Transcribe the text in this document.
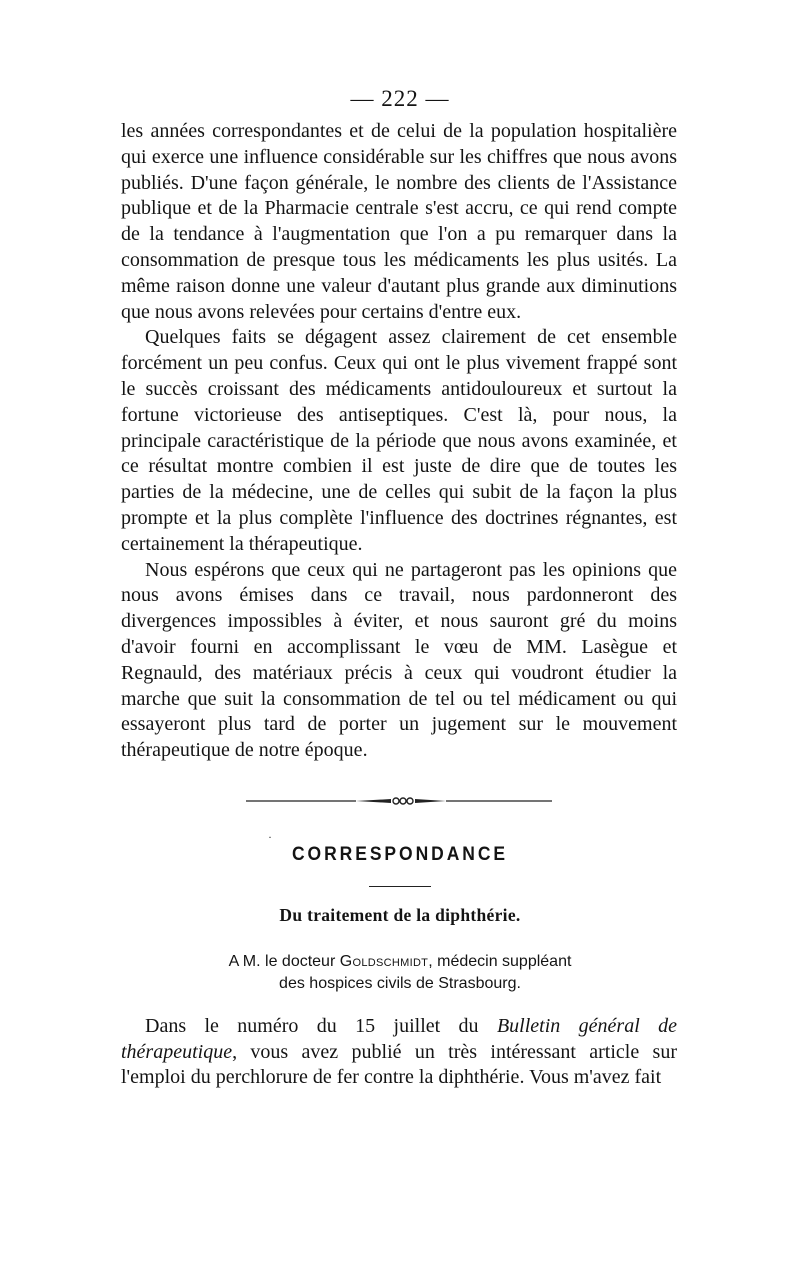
— 222 —

les années correspondantes et de celui de la population hospitalière qui exerce une influence considérable sur les chiffres que nous avons publiés. D'une façon générale, le nombre des clients de l'Assistance publique et de la Pharmacie centrale s'est accru, ce qui rend compte de la tendance à l'augmentation que l'on a pu remarquer dans la consommation de presque tous les médicaments les plus usités. La même raison donne une valeur d'autant plus grande aux diminutions que nous avons relevées pour certains d'entre eux.

Quelques faits se dégagent assez clairement de cet ensemble forcément un peu confus. Ceux qui ont le plus vivement frappé sont le succès croissant des médicaments antidouloureux et surtout la fortune victorieuse des antiseptiques. C'est là, pour nous, la principale caractéristique de la période que nous avons examinée, et ce résultat montre combien il est juste de dire que de toutes les parties de la médecine, une de celles qui subit de la façon la plus prompte et la plus complète l'influence des doctrines régnantes, est certainement la thérapeutique.

Nous espérons que ceux qui ne partageront pas les opinions que nous avons émises dans ce travail, nous pardonneront des divergences impossibles à éviter, et nous sauront gré du moins d'avoir fourni en accomplissant le vœu de MM. Lasègue et Regnauld, des matériaux précis à ceux qui voudront étudier la marche que suit la consommation de tel ou tel médicament ou qui essayeront plus tard de porter un jugement sur le mouvement thérapeutique de notre époque.

·
CORRESPONDANCE
Du traitement de la diphthérie.
A M. le docteur Goldschmidt, médecin suppléant
des hospices civils de Strasbourg.

Dans le numéro du 15 juillet du Bulletin général de thérapeutique, vous avez publié un très intéressant article sur l'emploi du perchlorure de fer contre la diphthérie. Vous m'avez fait
